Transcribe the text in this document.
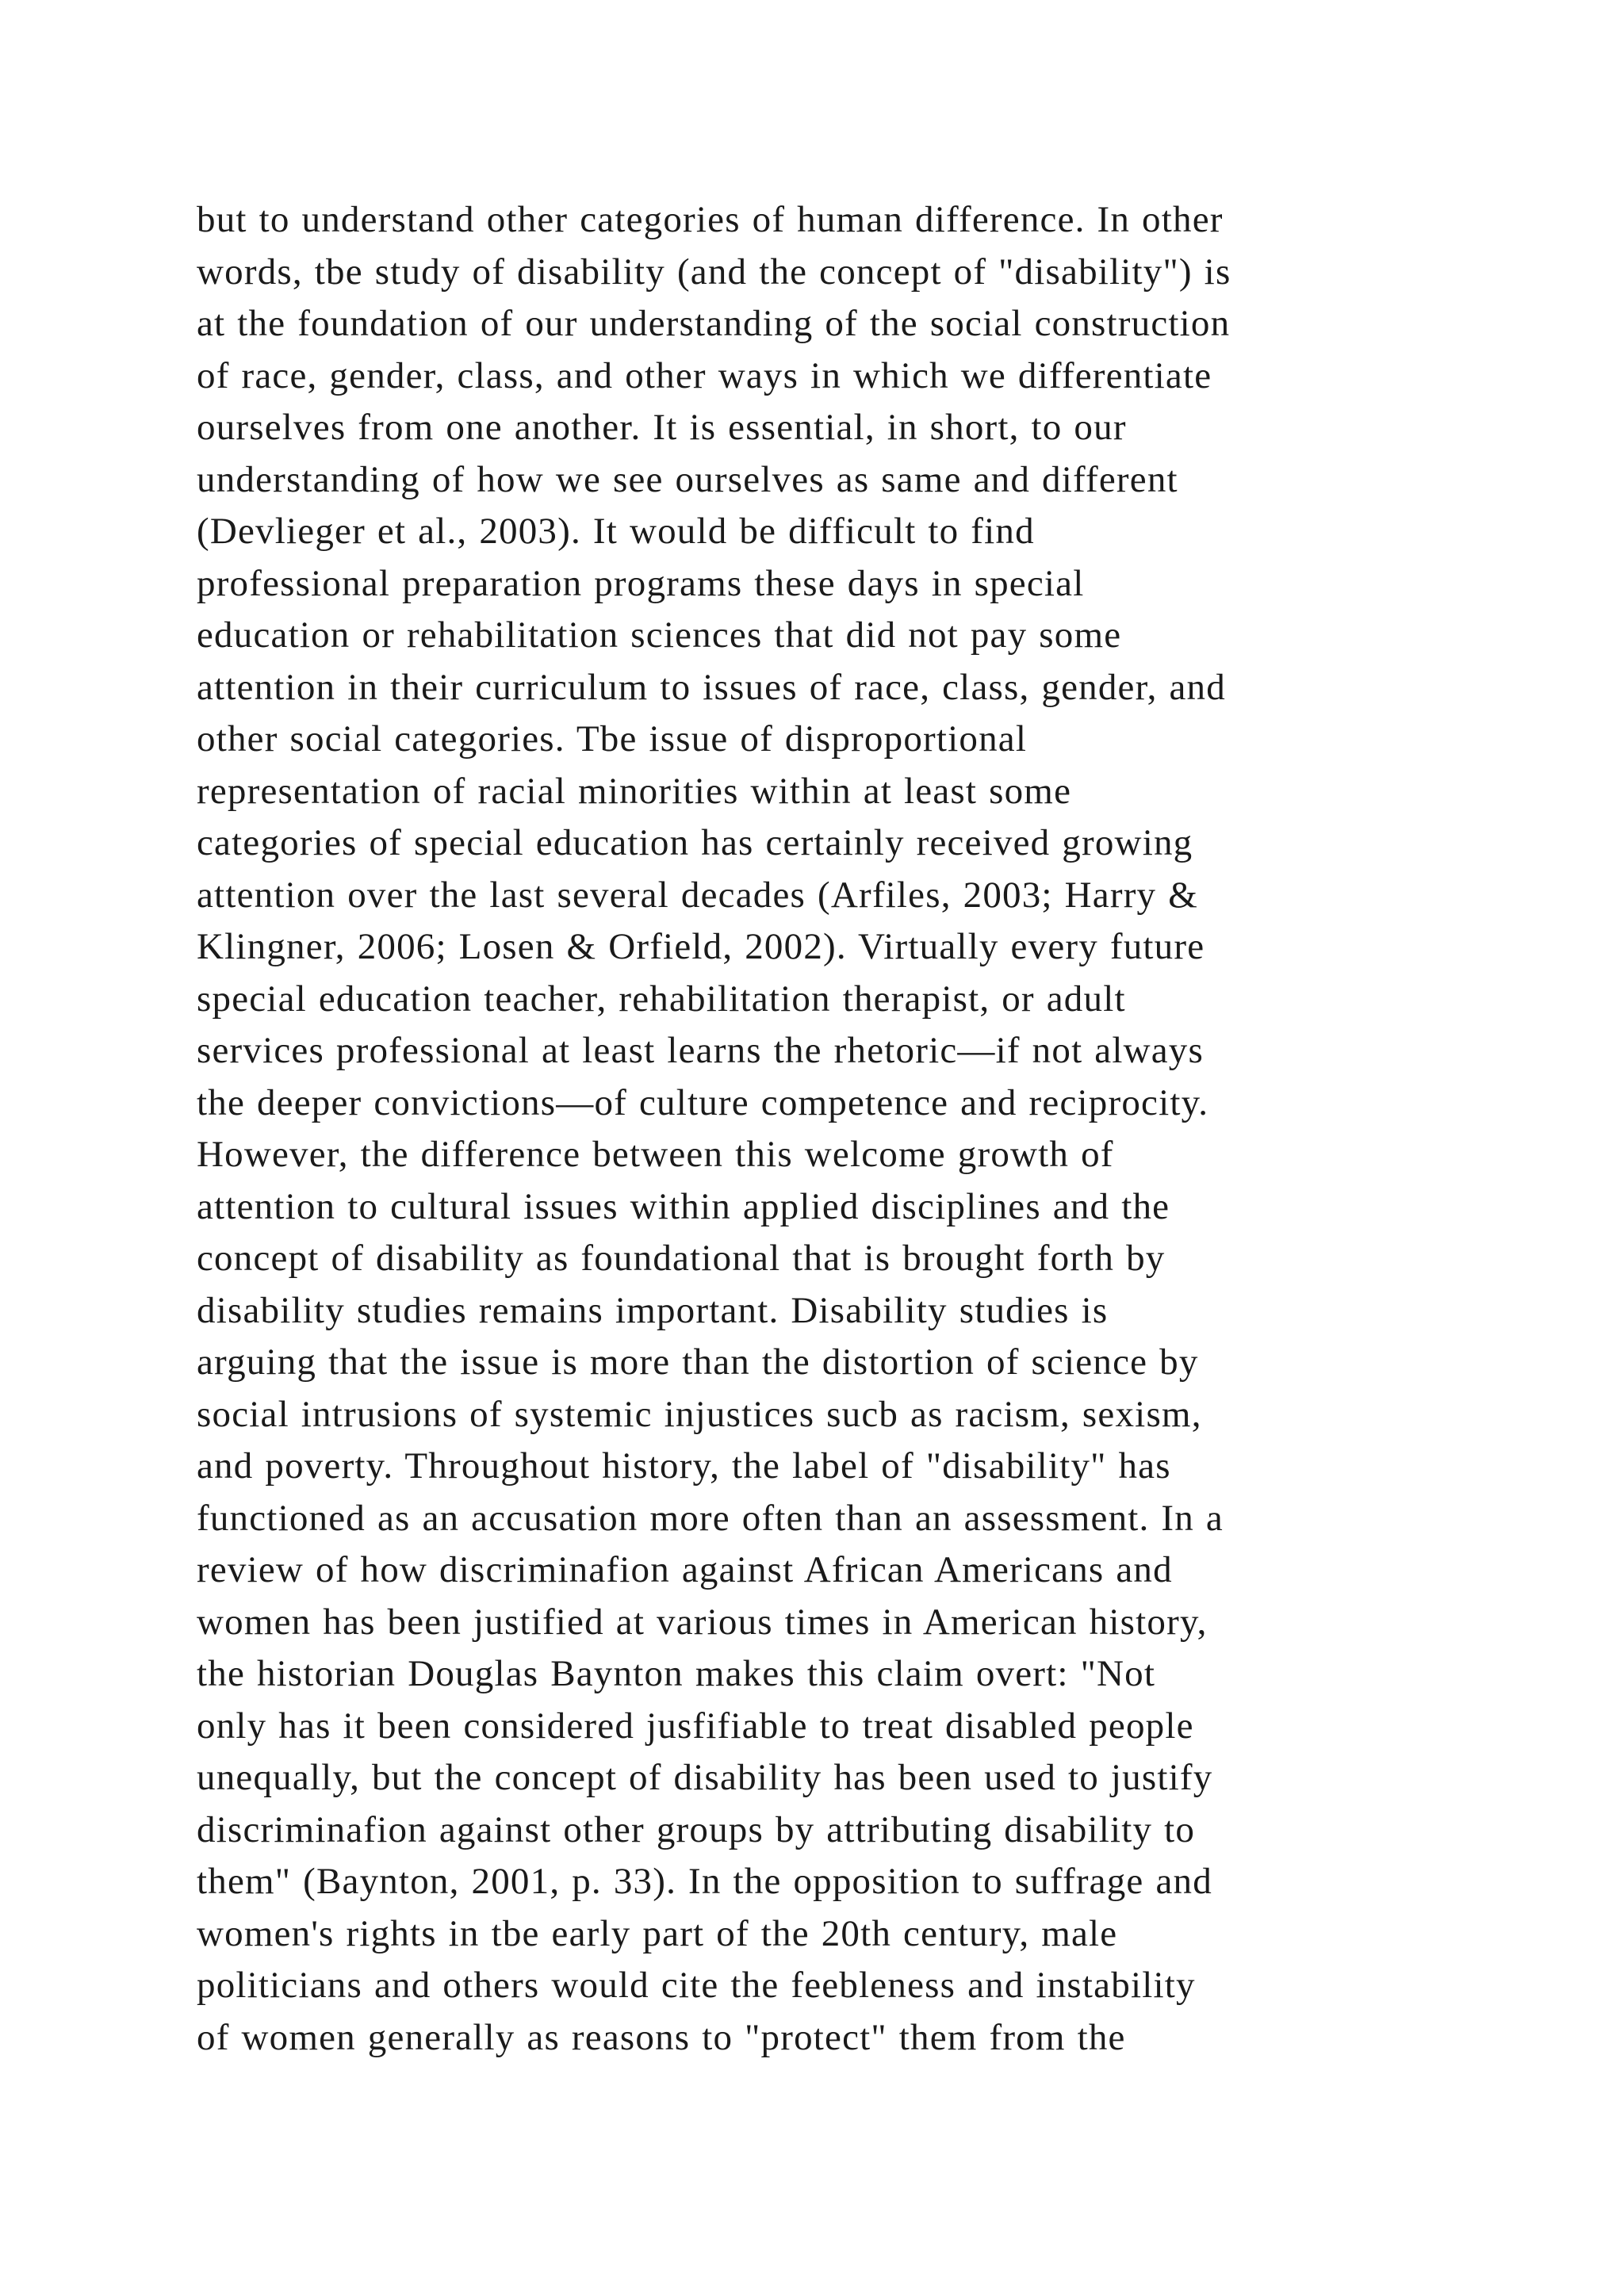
but to understand other categories of human difference. In other
words, tbe study of disability (and the concept of "disability") is
at the foundation of our understanding of the social construction
of race, gender, class, and other ways in which we differentiate
ourselves from one another. It is essential, in short, to our
understanding of how we see ourselves as same and different
(Devlieger et al., 2003). It would be difficult to find
professional preparation programs these days in special
education or rehabilitation sciences that did not pay some
attention in their curriculum to issues of race, class, gender, and
other social categories. Tbe issue of disproportional
representation of racial minorities within at least some
categories of special education has certainly received growing
attention over the last several decades (Arfiles, 2003; Harry &
Klingner, 2006; Losen & Orfield, 2002). Virtually every future
special education teacher, rehabilitation therapist, or adult
services professional at least learns the rhetoric—if not always
the deeper convictions—of culture competence and reciprocity.
However, the difference between this welcome growth of
attention to cultural issues within applied disciplines and the
concept of disability as foundational that is brought forth by
disability studies remains important. Disability studies is
arguing that the issue is more than the distortion of science by
social intrusions of systemic injustices sucb as racism, sexism,
and poverty. Throughout history, the label of "disability" has
functioned as an accusation more often than an assessment. In a
review of how discriminafion against African Americans and
women has been justified at various times in American history,
the historian Douglas Baynton makes this claim overt: "Not
only has it been considered jusfifiable to treat disabled people
unequally, but the concept of disability has been used to justify
discriminafion against other groups by attributing disability to
them" (Baynton, 2001, p. 33). In the opposition to suffrage and
women's rights in tbe early part of the 20th century, male
politicians and others would cite the feebleness and instability
of women generally as reasons to "protect" them from the
